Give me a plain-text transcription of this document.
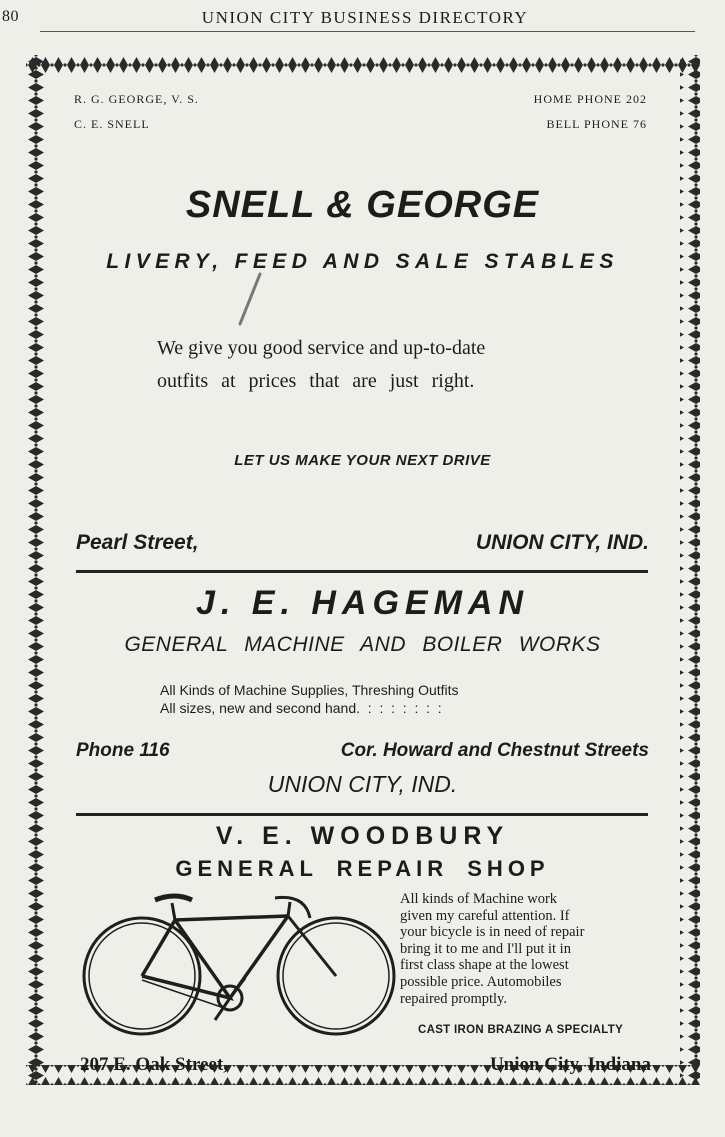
80	UNION CITY BUSINESS DIRECTORY
R. G. GEORGE, V. S.	HOME PHONE 202
C. E. SNELL	BELL PHONE 76
SNELL & GEORGE
LIVERY, FEED AND SALE STABLES
We give you good service and up-to-date
outfits at prices that are just right.
LET US MAKE YOUR NEXT DRIVE
Pearl Street,	UNION CITY, IND.
J. E. HAGEMAN
GENERAL MACHINE AND BOILER WORKS
All Kinds of Machine Supplies, Threshing Outfits
All sizes, new and second hand.  :  :  :  :  :  :  :
Phone 116	Cor. Howard and Chestnut Streets
UNION CITY, IND.
V. E. WOODBURY
GENERAL REPAIR SHOP
All kinds of Machine work
given my careful attention. If
your bicycle is in need of repair
bring it to me and I'll put it in
first class shape at the lowest
possible price. Automobiles
repaired promptly.
CAST IRON BRAZING A SPECIALTY
207 E. Oak Street,	Union City, Indiana
